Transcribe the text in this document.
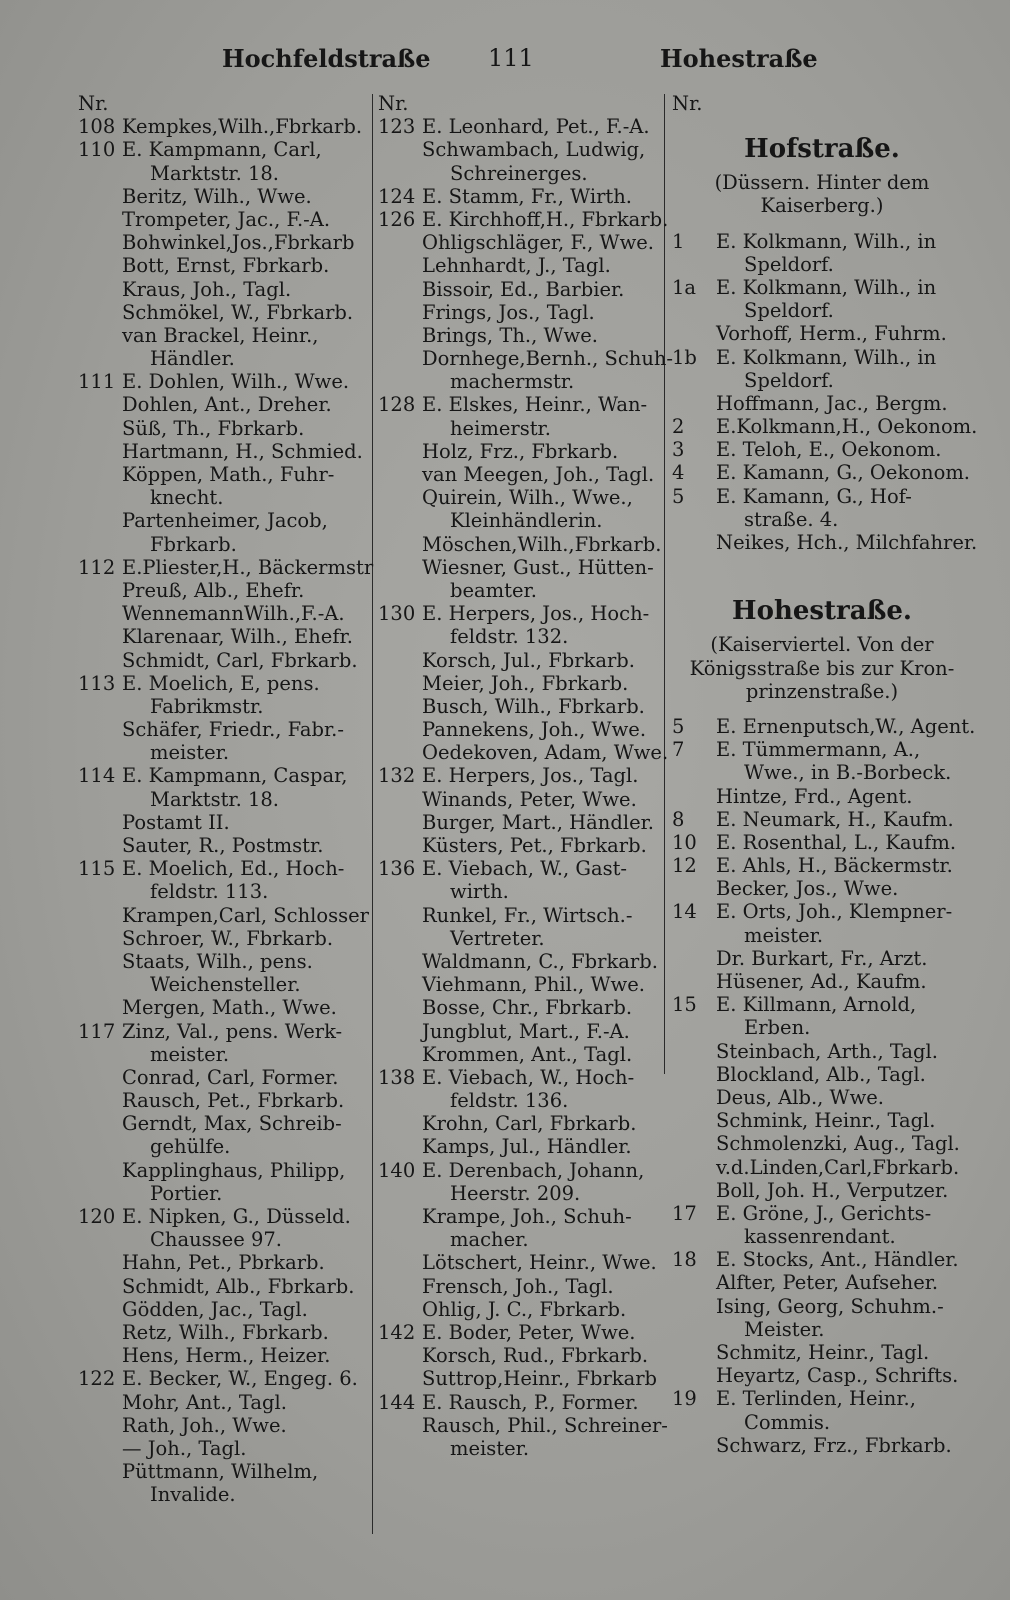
Hochfeldstraße 111	Hohestraße
Nr.
108 Kempkes,Wilh.,Fbrkarb.
110 E. Kampmann, Carl,
Marktstr. 18.
Beritz, Wilh., Wwe.
Trompeter, Jac., F.-A.
Bohwinkel,Jos.,Fbrkarb
Bott, Ernst, Fbrkarb.
Kraus, Joh., Tagl.
Schmökel, W., Fbrkarb.
van Brackel, Heinr.,
Händler.
111 E. Dohlen, Wilh., Wwe.
Dohlen, Ant., Dreher.
Süß, Th., Fbrkarb.
Hartmann, H., Schmied.
Köppen, Math., Fuhr-
knecht.
Partenheimer, Jacob,
Fbrkarb.
112 E.Pliester,H., Bäckermstr
Preuß, Alb., Ehefr.
WennemannWilh.,F.-A.
Klarenaar, Wilh., Ehefr.
Schmidt, Carl, Fbrkarb.
113 E. Moelich, E, pens.
Fabrikmstr.
Schäfer, Friedr., Fabr.-
meister.
114 E. Kampmann, Caspar,
Marktstr. 18.
Postamt II.
Sauter, R., Postmstr.
115 E. Moelich, Ed., Hoch-
feldstr. 113.
Krampen,Carl, Schlosser
Schroer, W., Fbrkarb.
Staats, Wilh., pens.
Weichensteller.
Mergen, Math., Wwe.
117 Zinz, Val., pens. Werk-
meister.
Conrad, Carl, Former.
Rausch, Pet., Fbrkarb.
Gerndt, Max, Schreib-
gehülfe.
Kapplinghaus, Philipp,
Portier.
120 E. Nipken, G., Düsseld.
Chaussee 97.
Hahn, Pet., Pbrkarb.
Schmidt, Alb., Fbrkarb.
Gödden, Jac., Tagl.
Retz, Wilh., Fbrkarb.
Hens, Herm., Heizer.
122 E. Becker, W., Engeg. 6.
Mohr, Ant., Tagl.
Rath, Joh., Wwe.
— Joh., Tagl.
Püttmann, Wilhelm,
Invalide.
Nr.
123 E. Leonhard, Pet., F.-A.
Schwambach, Ludwig,
Schreinerges.
124 E. Stamm, Fr., Wirth.
126 E. Kirchhoff,H., Fbrkarb.
Ohligschläger, F., Wwe.
Lehnhardt, J., Tagl.
Bissoir, Ed., Barbier.
Frings, Jos., Tagl.
Brings, Th., Wwe.
Dornhege,Bernh., Schuh-
machermstr.
128 E. Elskes, Heinr., Wan-
heimerstr.
Holz, Frz., Fbrkarb.
van Meegen, Joh., Tagl.
Quirein, Wilh., Wwe.,
Kleinhändlerin.
Möschen,Wilh.,Fbrkarb.
Wiesner, Gust., Hütten-
beamter.
130 E. Herpers, Jos., Hoch-
feldstr. 132.
Korsch, Jul., Fbrkarb.
Meier, Joh., Fbrkarb.
Busch, Wilh., Fbrkarb.
Pannekens, Joh., Wwe.
Oedekoven, Adam, Wwe.
132 E. Herpers, Jos., Tagl.
Winands, Peter, Wwe.
Burger, Mart., Händler.
Küsters, Pet., Fbrkarb.
136 E. Viebach, W., Gast-
wirth.
Runkel, Fr., Wirtsch.-
Vertreter.
Waldmann, C., Fbrkarb.
Viehmann, Phil., Wwe.
Bosse, Chr., Fbrkarb.
Jungblut, Mart., F.-A.
Krommen, Ant., Tagl.
138 E. Viebach, W., Hoch-
feldstr. 136.
Krohn, Carl, Fbrkarb.
Kamps, Jul., Händler.
140 E. Derenbach, Johann,
Heerstr. 209.
Krampe, Joh., Schuh-
macher.
Lötschert, Heinr., Wwe.
Frensch, Joh., Tagl.
Ohlig, J. C., Fbrkarb.
142 E. Boder, Peter, Wwe.
Korsch, Rud., Fbrkarb.
Suttrop,Heinr., Fbrkarb
144 E. Rausch, P., Former.
Rausch, Phil., Schreiner-
meister.
Nr.
Hofstraße.
(Düssern. Hinter dem
Kaiserberg.)
1 E. Kolkmann, Wilh., in
Speldorf.
1a E. Kolkmann, Wilh., in
Speldorf.
Vorhoff, Herm., Fuhrm.
1b E. Kolkmann, Wilh., in
Speldorf.
Hoffmann, Jac., Bergm.
2 E.Kolkmann,H., Oekonom.
3 E. Teloh, E., Oekonom.
4 E. Kamann, G., Oekonom.
5 E. Kamann, G., Hof-
straße. 4.
Neikes, Hch., Milchfahrer.
Hohestraße.
(Kaiserviertel. Von der
Königsstraße bis zur Kron-
prinzenstraße.)
5 E. Ernenputsch,W., Agent.
7 E. Tümmermann, A.,
Wwe., in B.-Borbeck.
Hintze, Frd., Agent.
8 E. Neumark, H., Kaufm.
10 E. Rosenthal, L., Kaufm.
12 E. Ahls, H., Bäckermstr.
Becker, Jos., Wwe.
14 E. Orts, Joh., Klempner-
meister.
Dr. Burkart, Fr., Arzt.
Hüsener, Ad., Kaufm.
15 E. Killmann, Arnold,
Erben.
Steinbach, Arth., Tagl.
Blockland, Alb., Tagl.
Deus, Alb., Wwe.
Schmink, Heinr., Tagl.
Schmolenzki, Aug., Tagl.
v.d.Linden,Carl,Fbrkarb.
Boll, Joh. H., Verputzer.
17 E. Gröne, J., Gerichts-
kassenrendant.
18 E. Stocks, Ant., Händler.
Alfter, Peter, Aufseher.
Ising, Georg, Schuhm.-
Meister.
Schmitz, Heinr., Tagl.
Heyartz, Casp., Schrifts.
19 E. Terlinden, Heinr.,
Commis.
Schwarz, Frz., Fbrkarb.
